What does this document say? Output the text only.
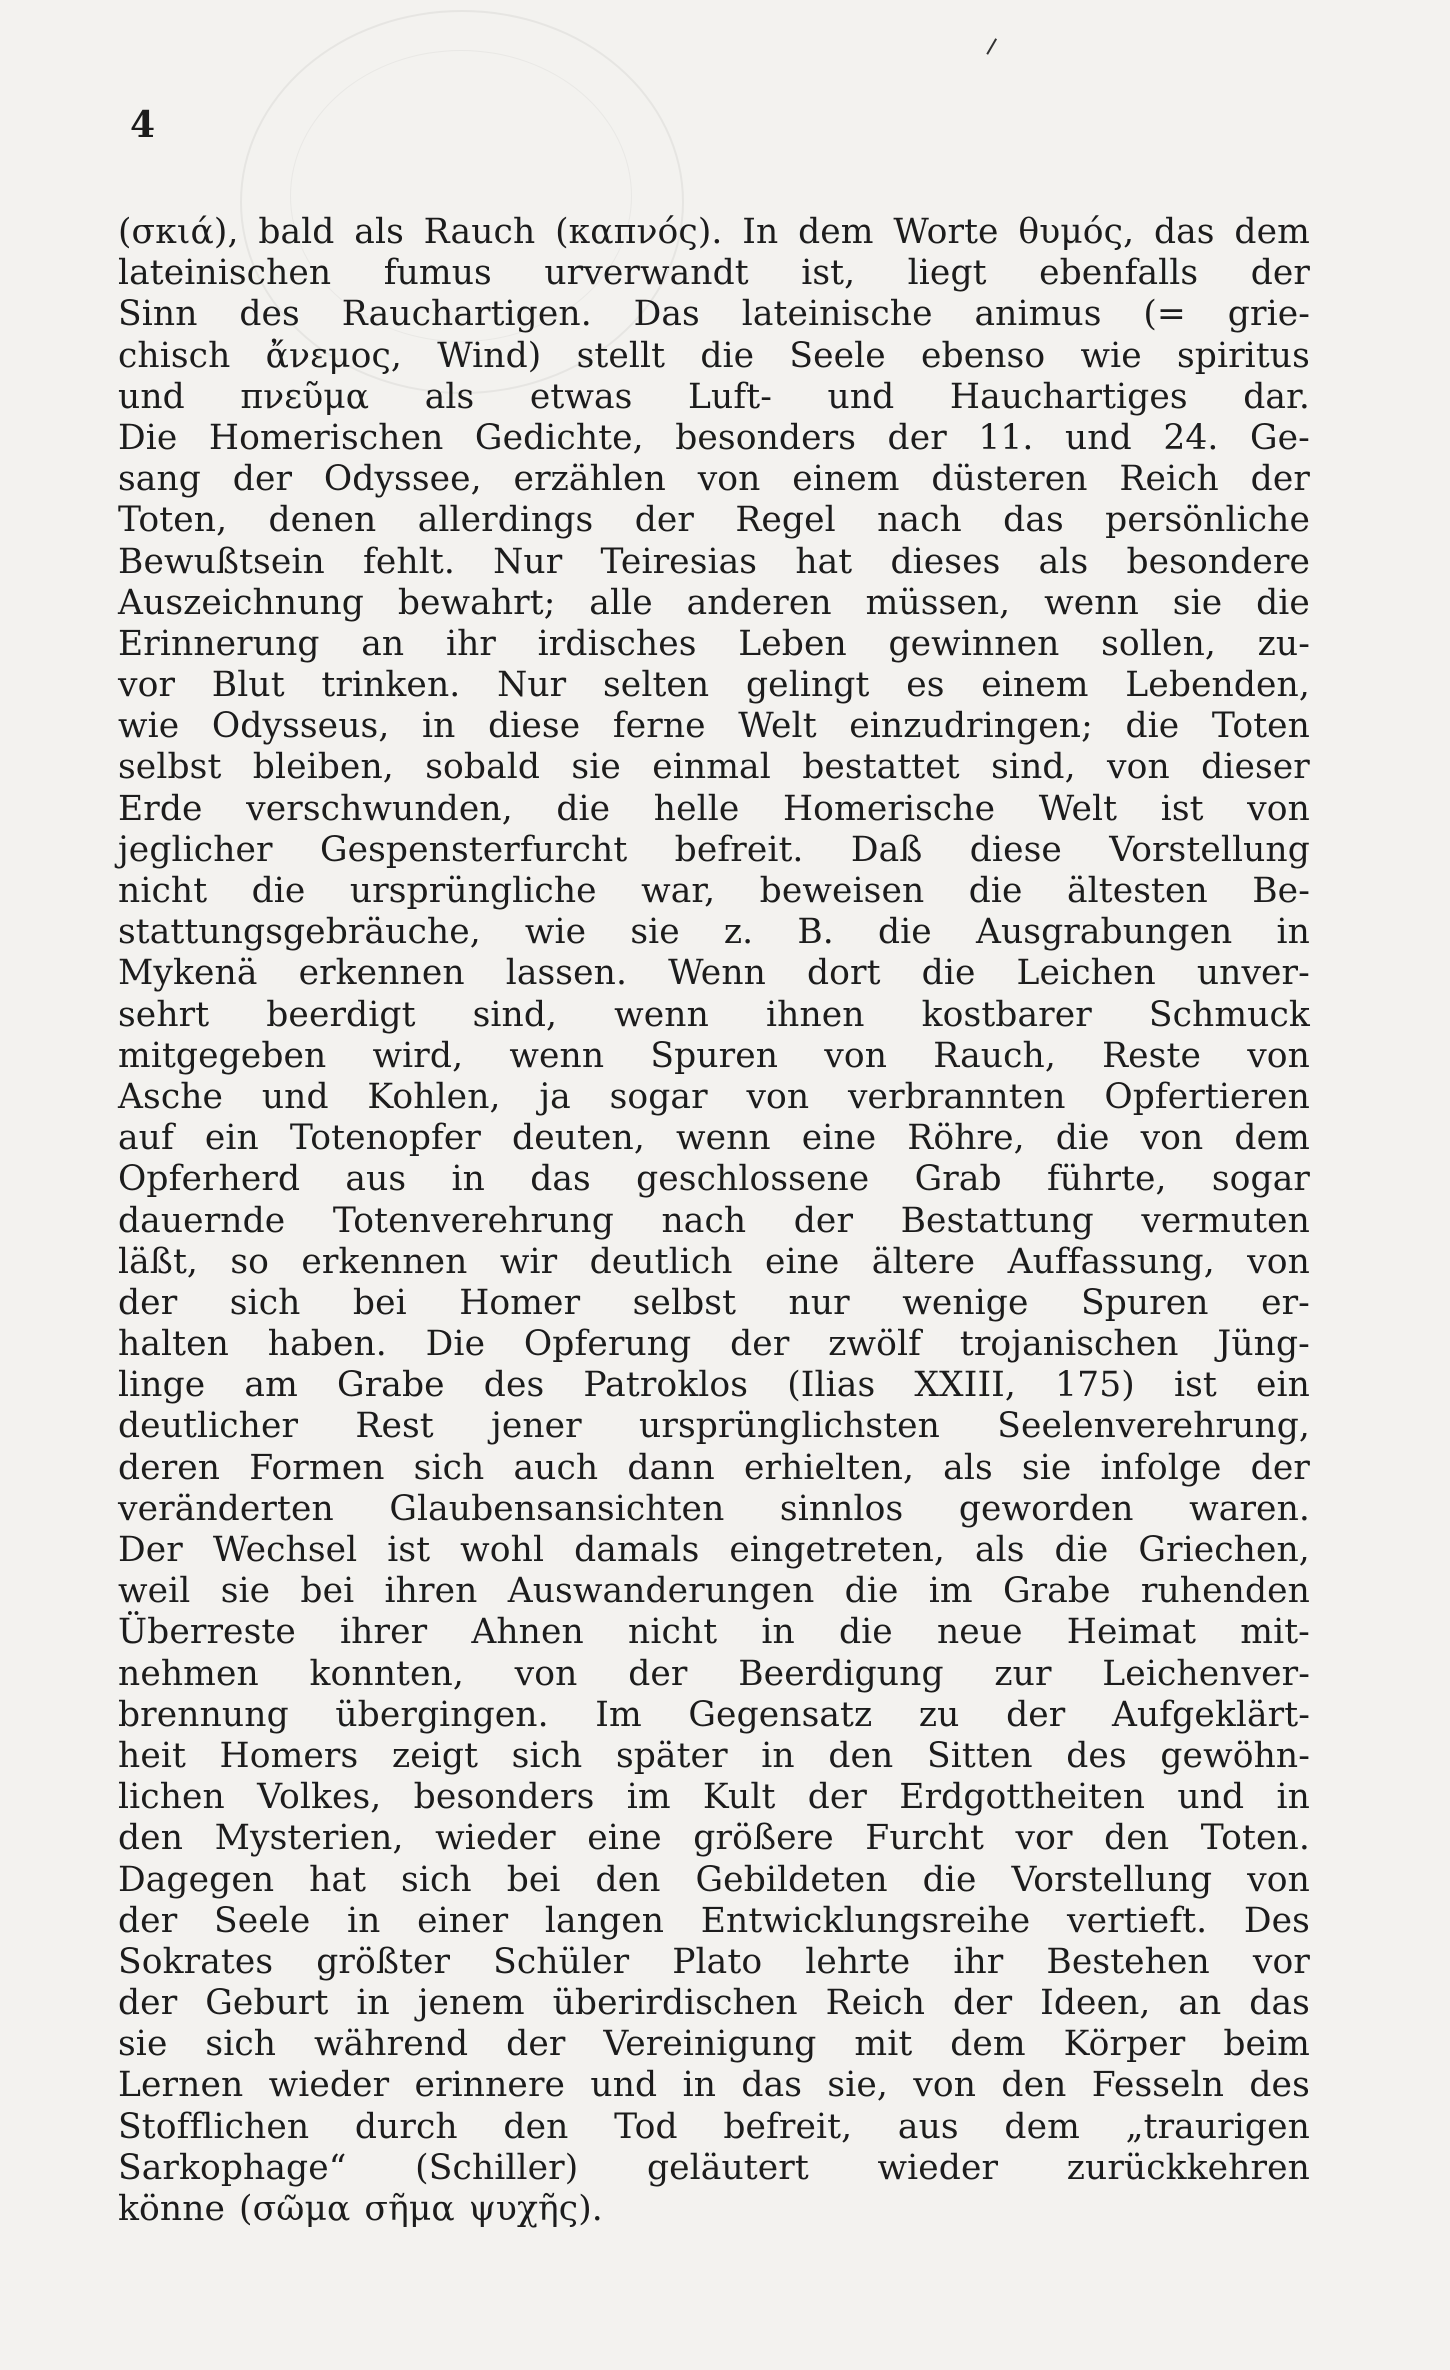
4
(σκιά), bald als Rauch (καπνός). In dem Worte θυμός, das dem
lateinischen fumus urverwandt ist, liegt ebenfalls der
Sinn des Rauchartigen. Das lateinische animus (= grie-
chisch ἄνεμος, Wind) stellt die Seele ebenso wie spiritus
und πνεῦμα als etwas Luft- und Hauchartiges dar.
Die Homerischen Gedichte, besonders der 11. und 24. Ge-
sang der Odyssee, erzählen von einem düsteren Reich der
Toten, denen allerdings der Regel nach das persönliche
Bewußtsein fehlt. Nur Teiresias hat dieses als besondere
Auszeichnung bewahrt; alle anderen müssen, wenn sie die
Erinnerung an ihr irdisches Leben gewinnen sollen, zu-
vor Blut trinken. Nur selten gelingt es einem Lebenden,
wie Odysseus, in diese ferne Welt einzudringen; die Toten
selbst bleiben, sobald sie einmal bestattet sind, von dieser
Erde verschwunden, die helle Homerische Welt ist von
jeglicher Gespensterfurcht befreit. Daß diese Vorstellung
nicht die ursprüngliche war, beweisen die ältesten Be-
stattungsgebräuche, wie sie z. B. die Ausgrabungen in
Mykenä erkennen lassen. Wenn dort die Leichen unver-
sehrt beerdigt sind, wenn ihnen kostbarer Schmuck
mitgegeben wird, wenn Spuren von Rauch, Reste von
Asche und Kohlen, ja sogar von verbrannten Opfertieren
auf ein Totenopfer deuten, wenn eine Röhre, die von dem
Opferherd aus in das geschlossene Grab führte, sogar
dauernde Totenverehrung nach der Bestattung vermuten
läßt, so erkennen wir deutlich eine ältere Auffassung, von
der sich bei Homer selbst nur wenige Spuren er-
halten haben. Die Opferung der zwölf trojanischen Jüng-
linge am Grabe des Patroklos (Ilias XXIII, 175) ist ein
deutlicher Rest jener ursprünglichsten Seelenverehrung,
deren Formen sich auch dann erhielten, als sie infolge der
veränderten Glaubensansichten sinnlos geworden waren.
Der Wechsel ist wohl damals eingetreten, als die Griechen,
weil sie bei ihren Auswanderungen die im Grabe ruhenden
Überreste ihrer Ahnen nicht in die neue Heimat mit-
nehmen konnten, von der Beerdigung zur Leichenver-
brennung übergingen. Im Gegensatz zu der Aufgeklärt-
heit Homers zeigt sich später in den Sitten des gewöhn-
lichen Volkes, besonders im Kult der Erdgottheiten und in
den Mysterien, wieder eine größere Furcht vor den Toten.
Dagegen hat sich bei den Gebildeten die Vorstellung von
der Seele in einer langen Entwicklungsreihe vertieft. Des
Sokrates größter Schüler Plato lehrte ihr Bestehen vor
der Geburt in jenem überirdischen Reich der Ideen, an das
sie sich während der Vereinigung mit dem Körper beim
Lernen wieder erinnere und in das sie, von den Fesseln des
Stofflichen durch den Tod befreit, aus dem „traurigen
Sarkophage“ (Schiller) geläutert wieder zurückkehren
könne (σῶμα σῆμα ψυχῆς).
